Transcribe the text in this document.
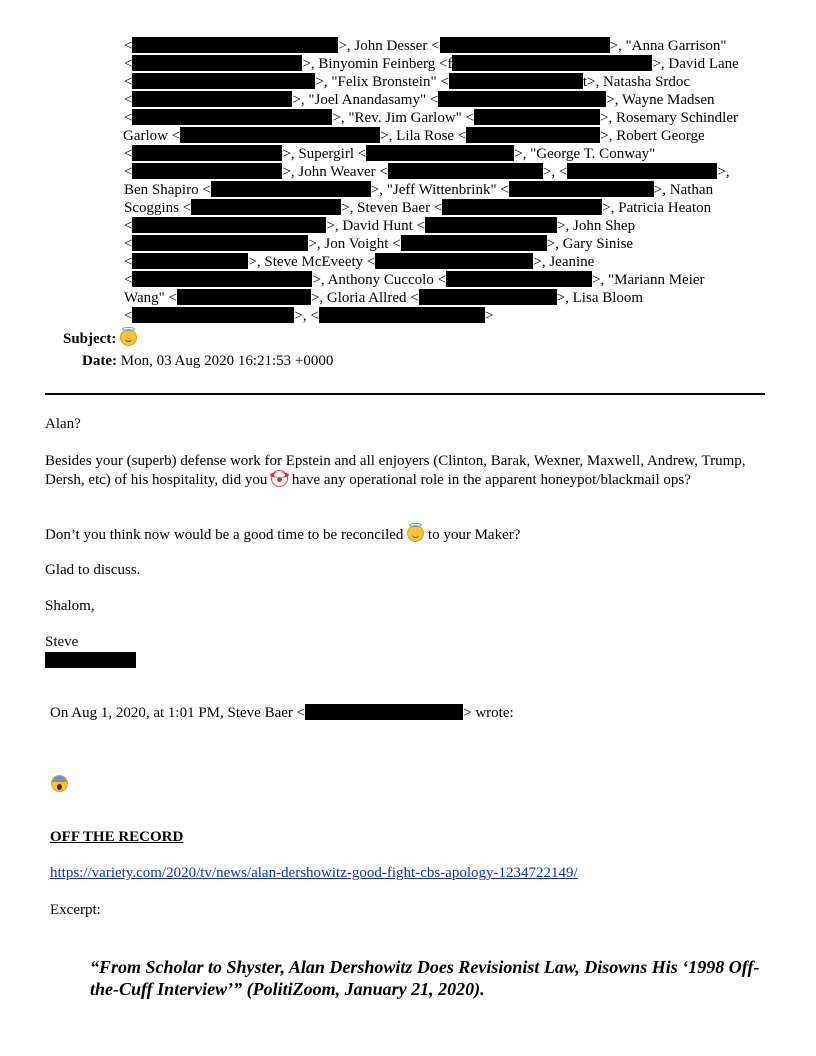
<	>, John Desser <	>, "Anna Garrison"
<	>, Binyomin Feinberg <f	>, David Lane
<	>, "Felix Bronstein" <	t>, Natasha Srdoc
<	>, "Joel Anandasamy" <	>, Wayne Madsen
<	>, "Rev. Jim Garlow" <	>, Rosemary Schindler
Garlow <	>, Lila Rose <	>, Robert George
<	>, Supergirl <	>, "George T. Conway"
<	>, John Weaver <	>, <	>,
Ben Shapiro <	>, "Jeff Wittenbrink" <	>, Nathan
Scoggins <	>, Steven Baer <	>, Patricia Heaton
<	>, David Hunt <	>, John Shep
<	>, Jon Voight <	>, Gary Sinise
<	>, Steve McEveety <	>, Jeanine
<	>, Anthony Cuccolo <	>, "Mariann Meier
Wang" <	>, Gloria Allred <	>, Lisa Bloom
<	>, <	>
Subject:
Date: Mon, 03 Aug 2020 16:21:53 +0000
Alan?
Besides your (superb) defense work for Epstein and all enjoyers (Clinton, Barak, Wexner, Maxwell, Andrew, Trump, Dersh, etc) of his hospitality, did you have any operational role in the apparent honeypot/blackmail ops?
Don’t you think now would be a good time to be reconciled to your Maker?
Glad to discuss.
Shalom,
Steve
On Aug 1, 2020, at 1:01 PM, Steve Baer <	> wrote:
OFF THE RECORD
https://variety.com/2020/tv/news/alan-dershowitz-good-fight-cbs-apology-1234722149/
Excerpt:
“From Scholar to Shyster, Alan Dershowitz Does Revisionist Law, Disowns His ‘1998 Off-the-Cuff Interview’” (PolitiZoom, January 21, 2020).
